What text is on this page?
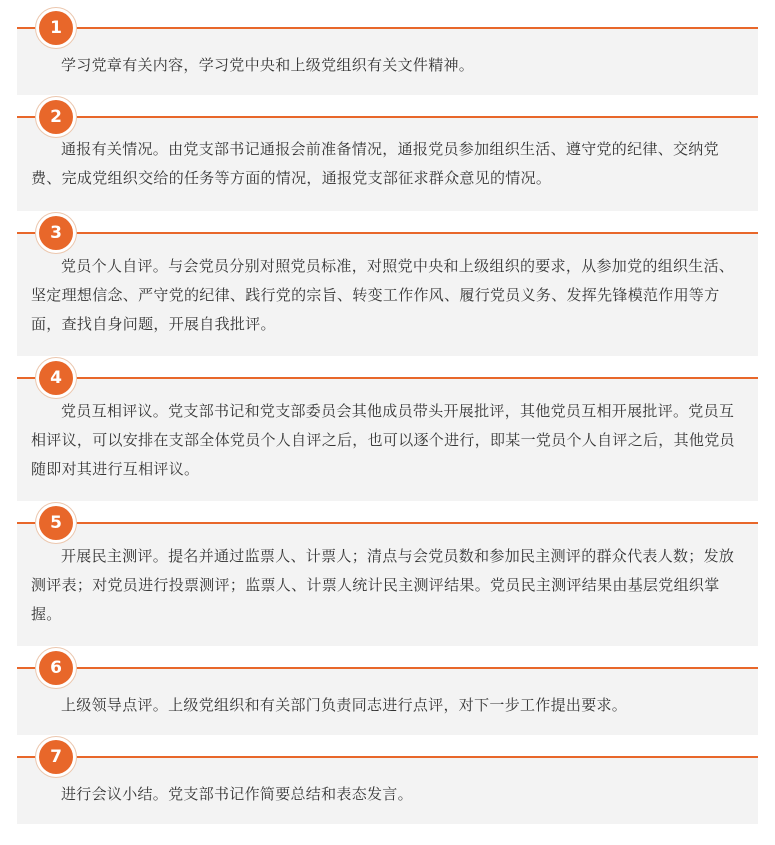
1

学习党章有关内容，学习党中央和上级党组织有关文件精神。

2

通报有关情况。由党支部书记通报会前准备情况，通报党员参加组织生活、遵守党的纪律、交纳党费、完成党组织交给的任务等方面的情况，通报党支部征求群众意见的情况。

3

党员个人自评。与会党员分别对照党员标准，对照党中央和上级组织的要求，从参加党的组织生活、坚定理想信念、严守党的纪律、践行党的宗旨、转变工作作风、履行党员义务、发挥先锋模范作用等方面，查找自身问题，开展自我批评。

4

党员互相评议。党支部书记和党支部委员会其他成员带头开展批评，其他党员互相开展批评。党员互相评议，可以安排在支部全体党员个人自评之后，也可以逐个进行，即某一党员个人自评之后，其他党员随即对其进行互相评议。

5

开展民主测评。提名并通过监票人、计票人；清点与会党员数和参加民主测评的群众代表人数；发放测评表；对党员进行投票测评；监票人、计票人统计民主测评结果。党员民主测评结果由基层党组织掌握。

6

上级领导点评。上级党组织和有关部门负责同志进行点评，对下一步工作提出要求。

7

进行会议小结。党支部书记作简要总结和表态发言。
